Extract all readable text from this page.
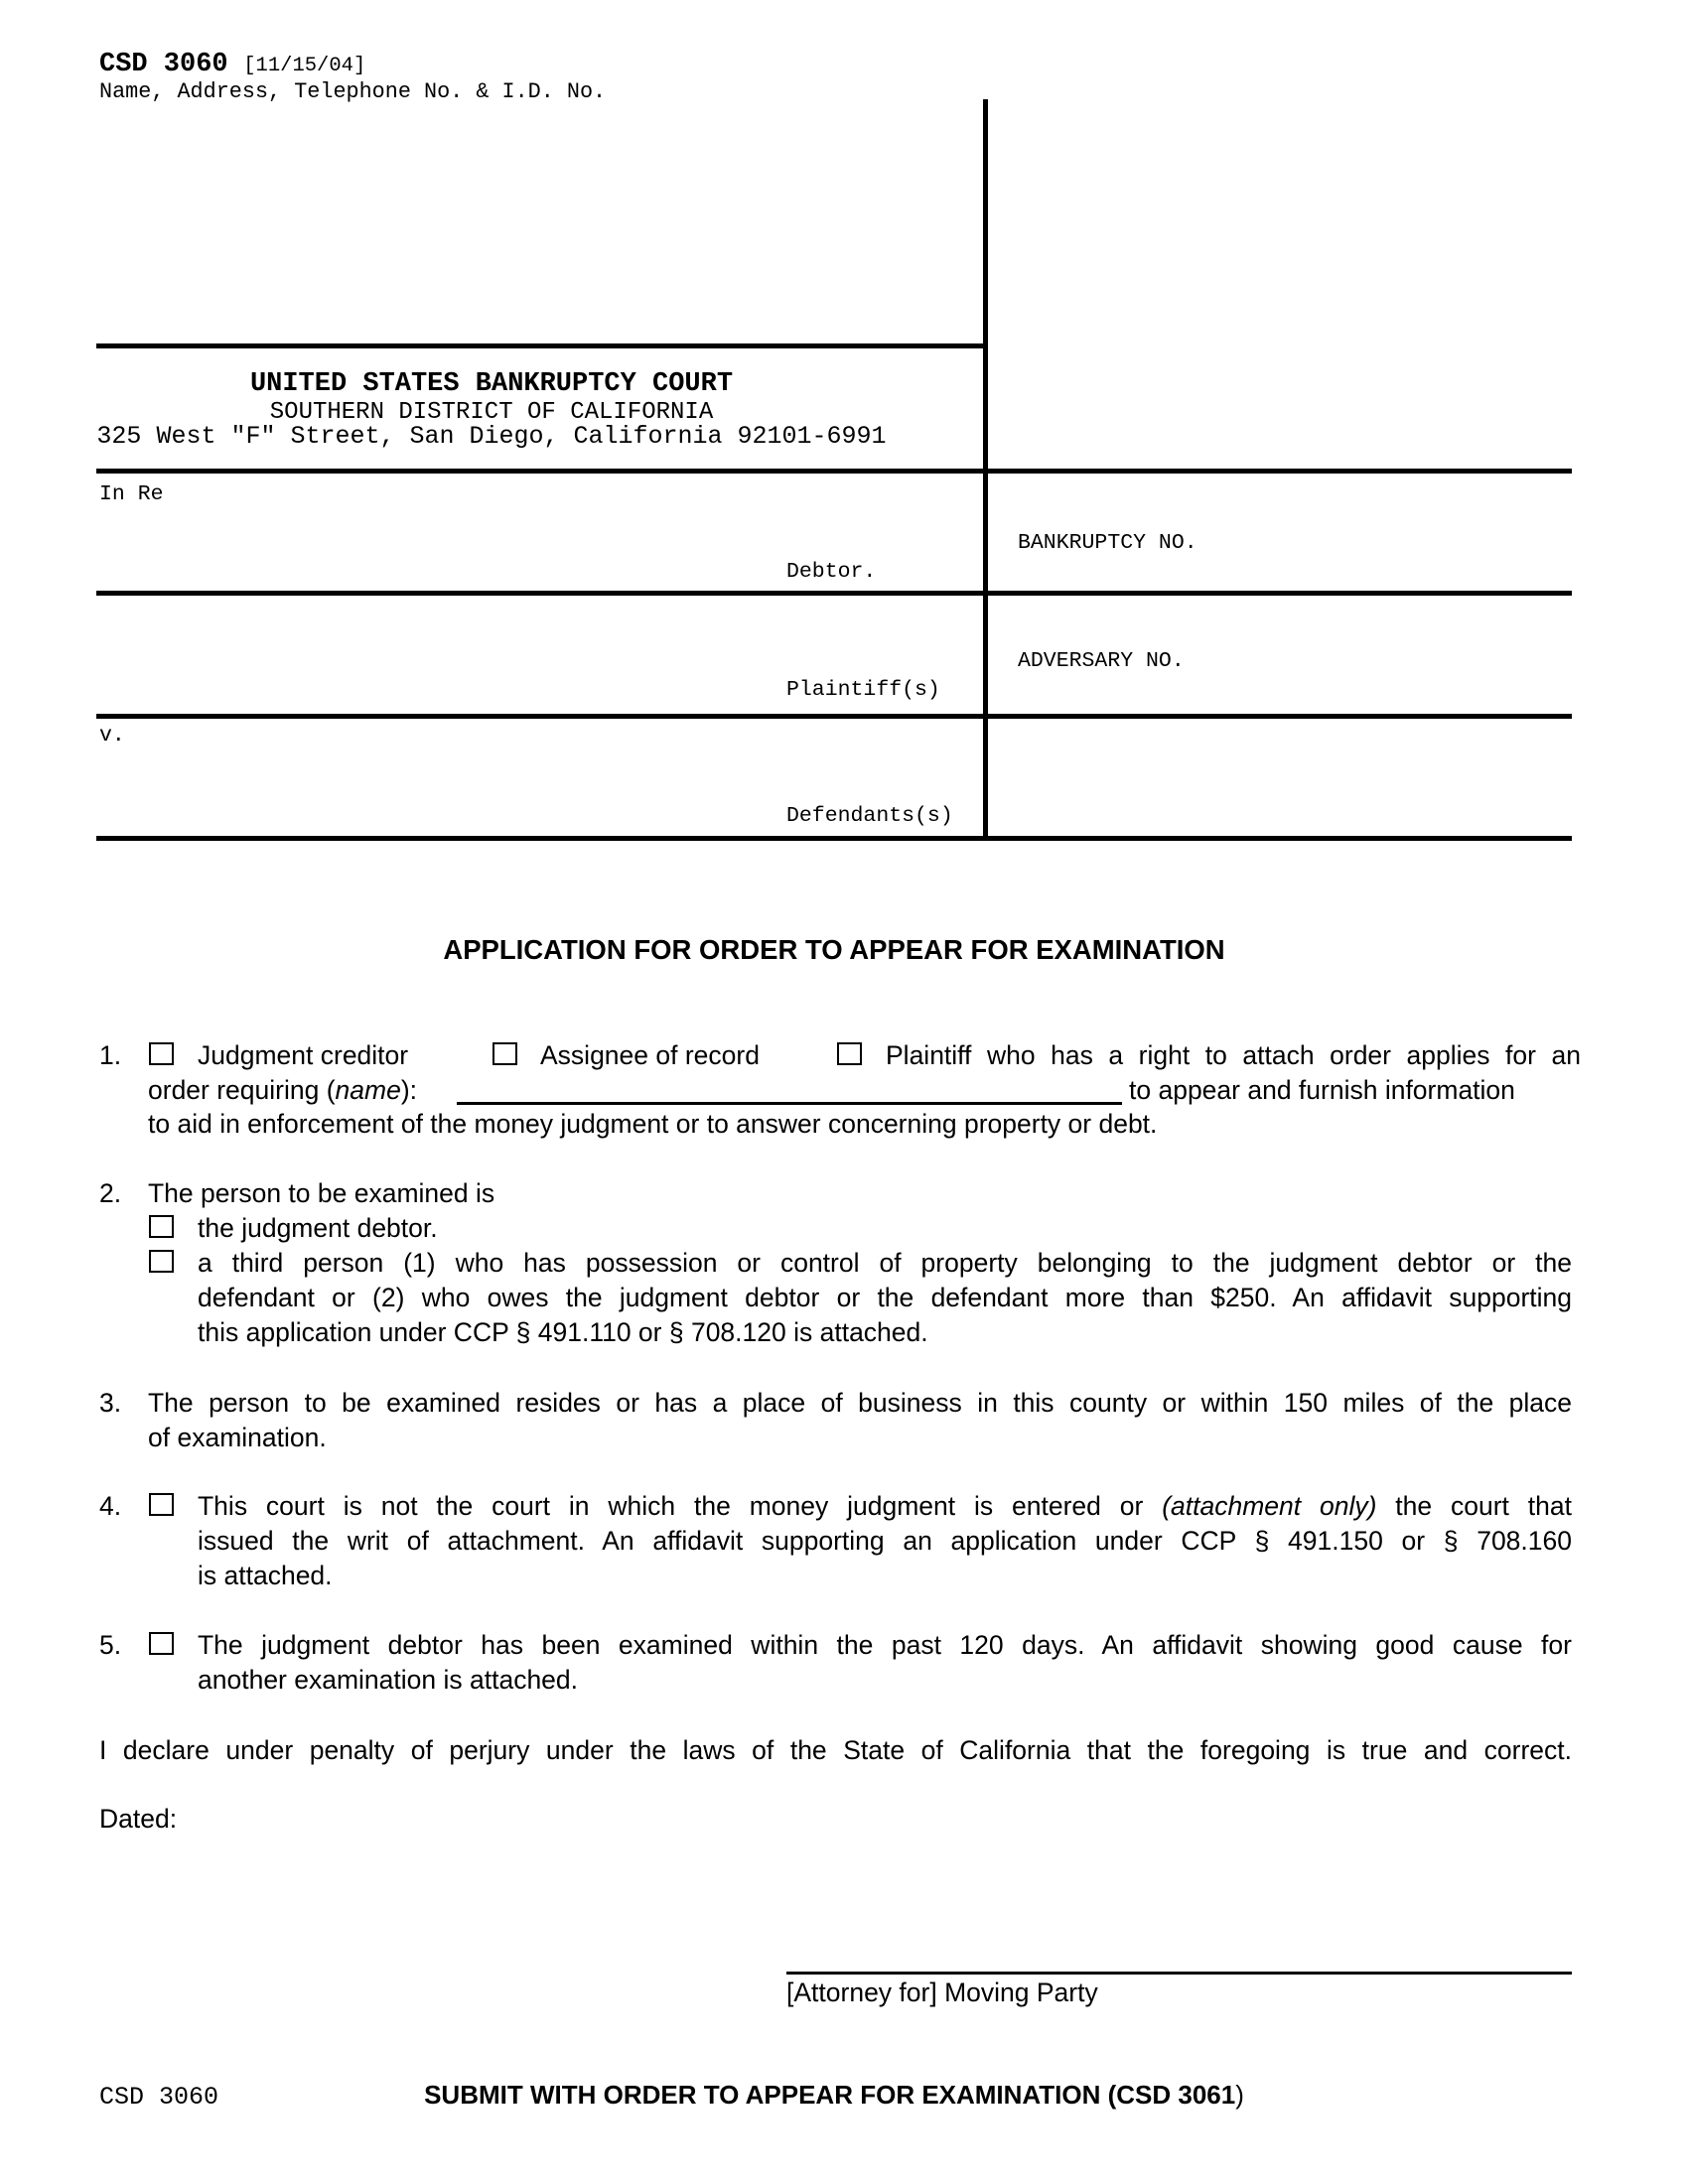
CSD 3060 [11/15/04]
Name, Address, Telephone No. & I.D. No.
UNITED STATES BANKRUPTCY COURT
SOUTHERN DISTRICT OF CALIFORNIA
325 West "F" Street, San Diego, California 92101-6991
In Re
Debtor.
BANKRUPTCY NO.
Plaintiff(s)
ADVERSARY NO.
v.
Defendants(s)
APPLICATION FOR ORDER TO APPEAR FOR EXAMINATION
1.	Judgment creditor	Assignee of record	Plaintiff who has a right to attach order applies for an
order requiring (name):	to appear and furnish information
to aid in enforcement of the money judgment or to answer concerning property or debt.
2. The person to be examined is
the judgment debtor.
a third person (1) who has possession or control of property belonging to the judgment debtor or the
defendant or (2) who owes the judgment debtor or the defendant more than $250. An affidavit supporting
this application under CCP § 491.110 or § 708.120 is attached.
3. The person to be examined resides or has a place of business in this county or within 150 miles of the place
of examination.
4.	This court is not the court in which the money judgment is entered or (attachment only) the court that
issued the writ of attachment. An affidavit supporting an application under CCP § 491.150 or § 708.160
is attached.
5.	The judgment debtor has been examined within the past 120 days. An affidavit showing good cause for
another examination is attached.
I declare under penalty of perjury under the laws of the State of California that the foregoing is true and correct.
Dated:
[Attorney for] Moving Party
CSD 3060	SUBMIT WITH ORDER TO APPEAR FOR EXAMINATION (CSD 3061)
